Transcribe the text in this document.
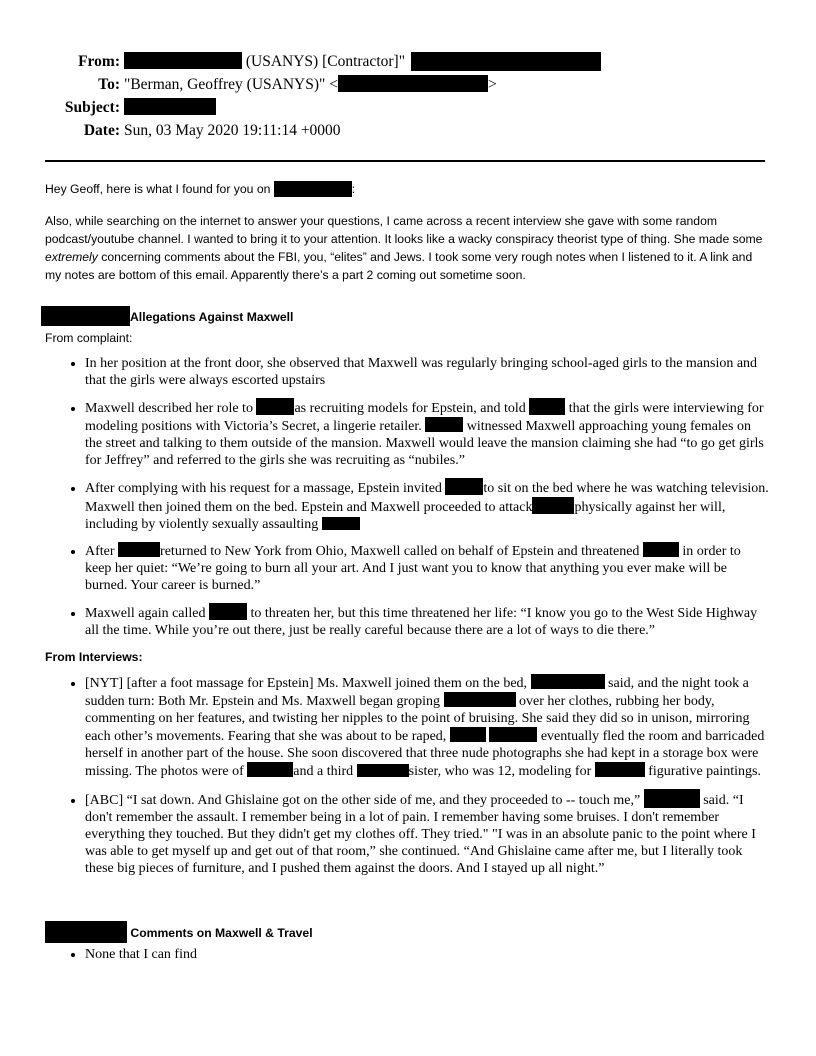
From:	(USANYS) [Contractor]"
To: "Berman, Geoffrey (USANYS)" <	>
Subject:
Date: Sun, 03 May 2020 19:11:14 +0000

Hey Geoff, here is what I found for you on	:

Also, while searching on the internet to answer your questions, I came across a recent interview she gave with some random podcast/youtube channel. I wanted to bring it to your attention. It looks like a wacky conspiracy theorist type of thing. She made some extremely concerning comments about the FBI, you, “elites” and Jews. I took some very rough notes when I listened to it. A link and my notes are bottom of this email. Apparently there’s a part 2 coming out sometime soon.

Allegations Against Maxwell

From complaint:

• In her position at the front door, she observed that Maxwell was regularly bringing school-aged girls to the mansion and that the girls were always escorted upstairs
• Maxwell described her role to	as recruiting models for Epstein, and told	that the girls were interviewing for modeling positions with Victoria’s Secret, a lingerie retailer.	witnessed Maxwell approaching young females on the street and talking to them outside of the mansion. Maxwell would leave the mansion claiming she had “to go get girls for Jeffrey” and referred to the girls she was recruiting as “nubiles.”
• After complying with his request for a massage, Epstein invited	to sit on the bed where he was watching television. Maxwell then joined them on the bed. Epstein and Maxwell proceeded to attack	physically against her will, including by violently sexually assaulting
• After	returned to New York from Ohio, Maxwell called on behalf of Epstein and threatened	in order to keep her quiet: “We’re going to burn all your art. And I just want you to know that anything you ever make will be burned. Your career is burned.”
• Maxwell again called	to threaten her, but this time threatened her life: “I know you go to the West Side Highway all the time. While you’re out there, just be really careful because there are a lot of ways to die there.”

From Interviews:

• [NYT] [after a foot massage for Epstein] Ms. Maxwell joined them on the bed,	said, and the night took a sudden turn: Both Mr. Epstein and Ms. Maxwell began groping	over her clothes, rubbing her body, commenting on her features, and twisting her nipples to the point of bruising. She said they did so in unison, mirroring each other’s movements. Fearing that she was about to be raped,	eventually fled the room and barricaded herself in another part of the house. She soon discovered that three nude photographs she had kept in a storage box were missing. The photos were of	and a third	sister, who was 12, modeling for	figurative paintings.
• [ABC] “I sat down. And Ghislaine got on the other side of me, and they proceeded to -- touch me,”	said. “I don't remember the assault. I remember being in a lot of pain. I remember having some bruises. I don't remember everything they touched. But they didn't get my clothes off. They tried." "I was in an absolute panic to the point where I was able to get myself up and get out of that room,” she continued. “And Ghislaine came after me, but I literally took these big pieces of furniture, and I pushed them against the doors. And I stayed up all night.”

Comments on Maxwell & Travel

• None that I can find
